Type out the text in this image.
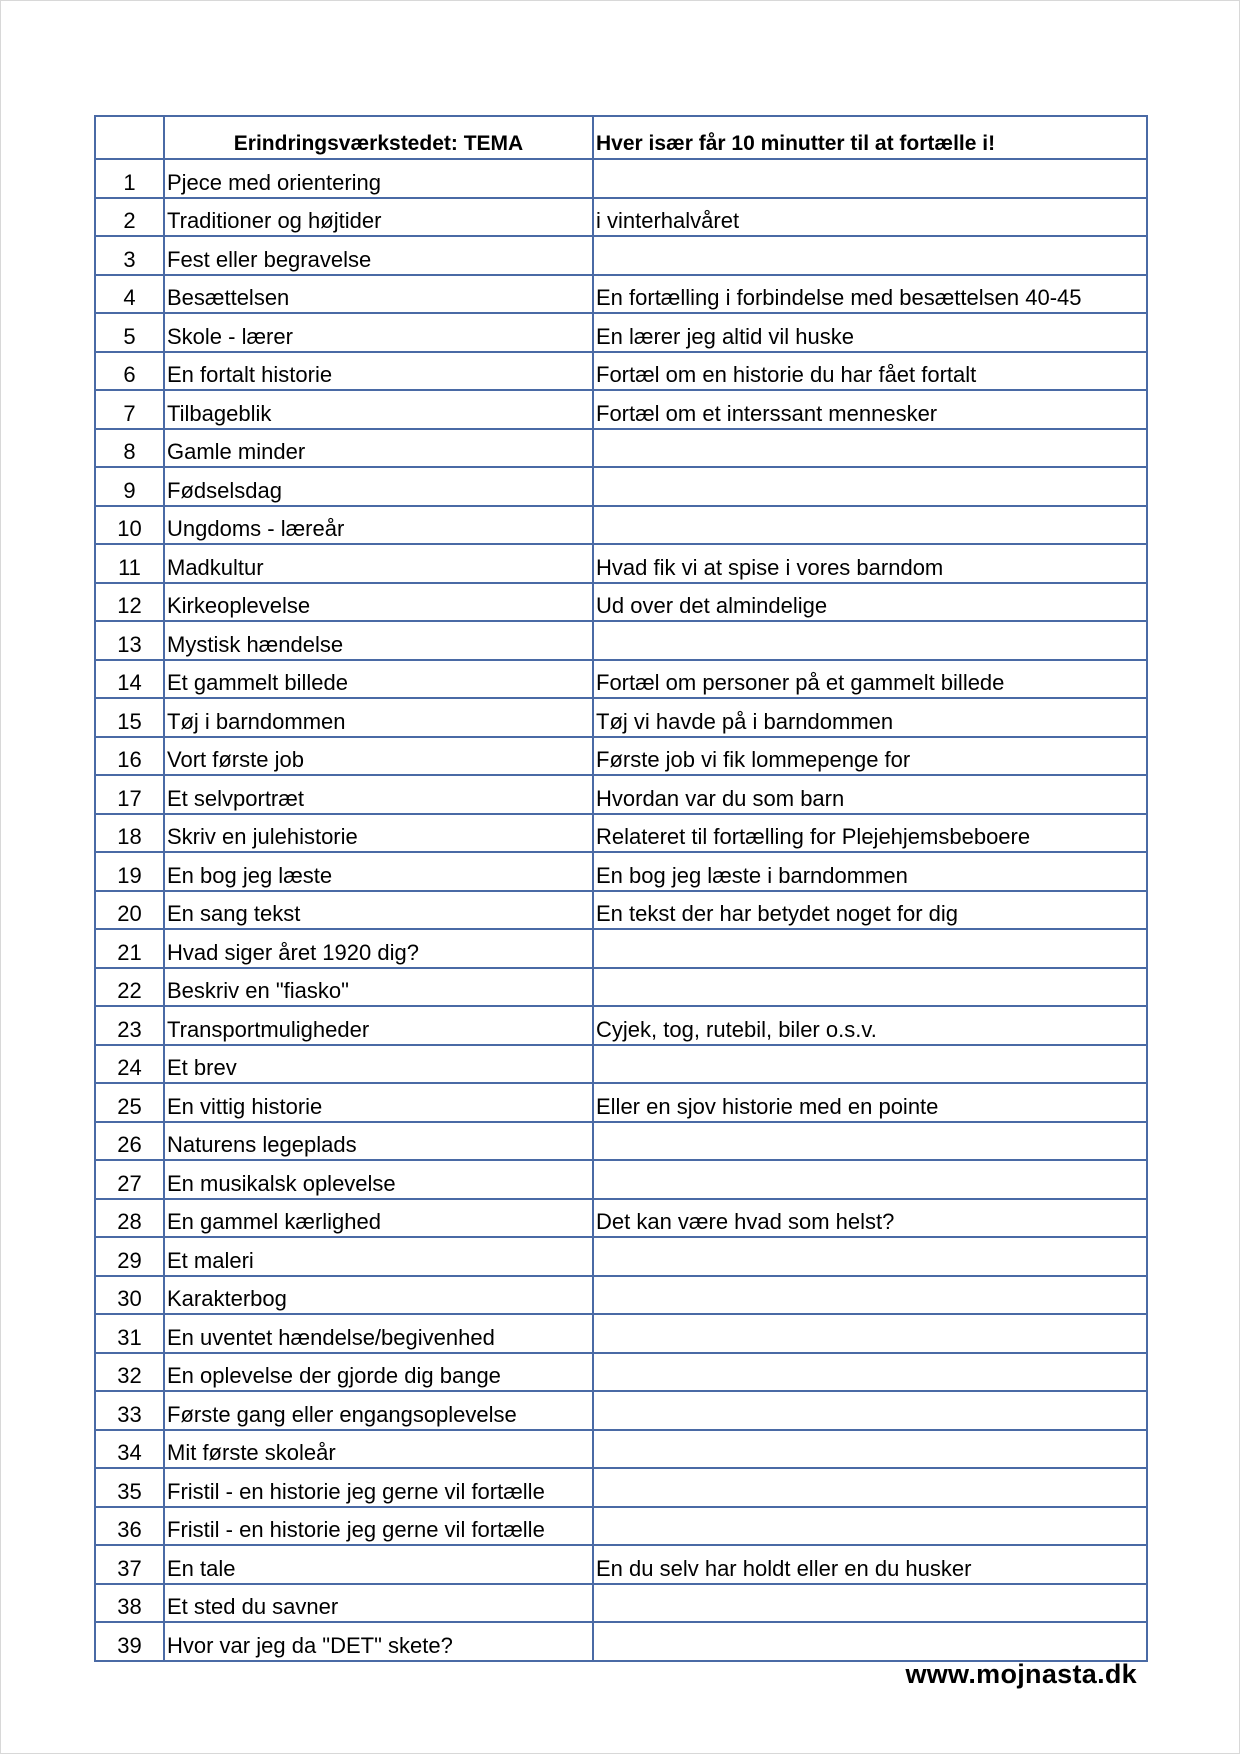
	Erindringsværkstedet: TEMA	Hver især får 10 minutter til at fortælle i!
1	Pjece med orientering	
2	Traditioner og højtider	i vinterhalvåret
3	Fest eller begravelse	
4	Besættelsen	En fortælling i forbindelse med besættelsen 40-45
5	Skole - lærer	En lærer jeg altid vil huske
6	En fortalt historie	Fortæl om en historie du har fået fortalt
7	Tilbageblik	Fortæl om et interssant mennesker
8	Gamle minder	
9	Fødselsdag	
10	Ungdoms - læreår	
11	Madkultur	Hvad fik vi at spise i vores barndom
12	Kirkeoplevelse	Ud over det almindelige
13	Mystisk hændelse	
14	Et gammelt billede	Fortæl om personer på et gammelt billede
15	Tøj i barndommen	Tøj vi havde på i barndommen
16	Vort første job	Første job vi fik lommepenge for
17	Et selvportræt	Hvordan var du som barn
18	Skriv en julehistorie	Relateret til fortælling for Plejehjemsbeboere
19	En bog jeg læste	En bog jeg læste i barndommen
20	En sang tekst	En tekst der har betydet noget for dig
21	Hvad siger året 1920 dig?	
22	Beskriv en "fiasko"	
23	Transportmuligheder	Cyjek, tog, rutebil, biler o.s.v.
24	Et brev	
25	En vittig historie	Eller en sjov historie med en pointe
26	Naturens legeplads	
27	En musikalsk oplevelse	
28	En gammel kærlighed	Det kan være hvad som helst?
29	Et maleri	
30	Karakterbog	
31	En uventet hændelse/begivenhed	
32	En oplevelse der gjorde dig bange	
33	Første gang eller engangsoplevelse	
34	Mit første skoleår	
35	Fristil - en historie jeg gerne vil fortælle	
36	Fristil - en historie jeg gerne vil fortælle	
37	En tale	En du selv har holdt eller en du husker
38	Et sted du savner	
39	Hvor var jeg da "DET" skete?	
www.mojnasta.dk
